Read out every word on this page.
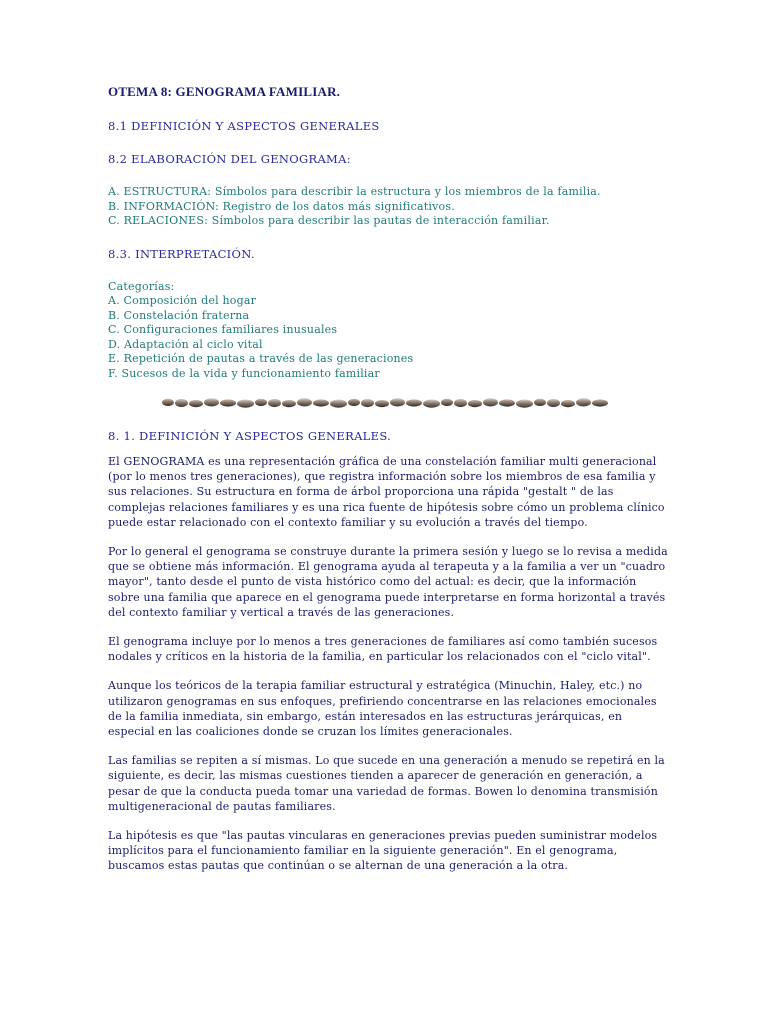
OTEMA 8: GENOGRAMA FAMILIAR.
8.1 DEFINICIÓN Y ASPECTOS GENERALES
8.2 ELABORACIÓN DEL GENOGRAMA:
A. ESTRUCTURA: Símbolos para describir la estructura y los miembros de la familia.
B. INFORMACIÓN: Registro de los datos más significativos.
C. RELACIONES: Símbolos para describir las pautas de interacción familiar.
8.3. INTERPRETACIÓN.
Categorías:
A. Composición del hogar
B. Constelación fraterna
C. Configuraciones familiares inusuales
D. Adaptación al ciclo vital
E. Repetición de pautas a través de las generaciones
F. Sucesos de la vida y funcionamiento familiar
8. 1. DEFINICIÓN Y ASPECTOS GENERALES.

El GENOGRAMA es una representación gráfica de una constelación familiar multi generacional (por lo menos tres generaciones), que registra información sobre los miembros de esa familia y sus relaciones. Su estructura en forma de árbol proporciona una rápida "gestalt " de las complejas relaciones familiares y es una rica fuente de hipótesis sobre cómo un problema clínico puede estar relacionado con el contexto familiar y su evolución a través del tiempo.

Por lo general el genograma se construye durante la primera sesión y luego se lo revisa a medida que se obtiene más información. El genograma ayuda al terapeuta y a la familia a ver un "cuadro mayor", tanto desde el punto de vista histórico como del actual: es decir, que la información sobre una familia que aparece en el genograma puede interpretarse en forma horizontal a través del contexto familiar y vertical a través de las generaciones.

El genograma incluye por lo menos a tres generaciones de familiares así como también sucesos nodales y críticos en la historia de la familia, en particular los relacionados con el "ciclo vital".

Aunque los teóricos de la terapia familiar estructural y estratégica (Minuchin, Haley, etc.) no utilizaron genogramas en sus enfoques, prefiriendo concentrarse en las relaciones emocionales de la familia inmediata, sin embargo, están interesados en las estructuras jerárquicas, en especial en las coaliciones donde se cruzan los límites generacionales.

Las familias se repiten a sí mismas. Lo que sucede en una generación a menudo se repetirá en la siguiente, es decir, las mismas cuestiones tienden a aparecer de generación en generación, a pesar de que la conducta pueda tomar una variedad de formas. Bowen lo denomina transmisión multigeneracional de pautas familiares.

La hipótesis es que "las pautas vincularas en generaciones previas pueden suministrar modelos implícitos para el funcionamiento familiar en la siguiente generación". En el genograma, buscamos estas pautas que continúan o se alternan de una generación a la otra.
